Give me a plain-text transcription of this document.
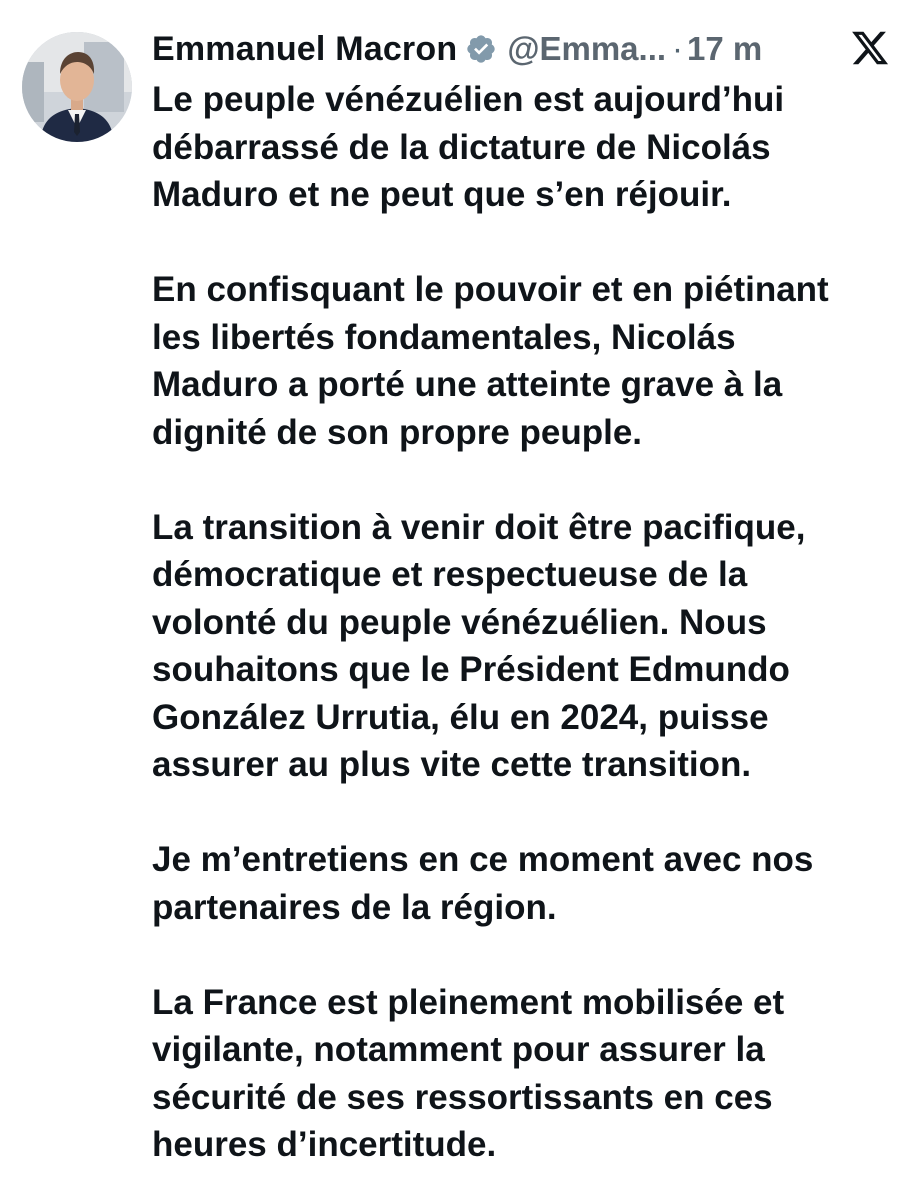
Emmanuel Macron @Emma... · 17 m

Le peuple vénézuélien est aujourd’hui
débarrassé de la dictature de Nicolás
Maduro et ne peut que s’en réjouir.

En confisquant le pouvoir et en piétinant
les libertés fondamentales, Nicolás
Maduro a porté une atteinte grave à la
dignité de son propre peuple.

La transition à venir doit être pacifique,
démocratique et respectueuse de la
volonté du peuple vénézuélien. Nous
souhaitons que le Président Edmundo
González Urrutia, élu en 2024, puisse
assurer au plus vite cette transition.

Je m’entretiens en ce moment avec nos
partenaires de la région.

La France est pleinement mobilisée et
vigilante, notamment pour assurer la
sécurité de ses ressortissants en ces
heures d’incertitude.
